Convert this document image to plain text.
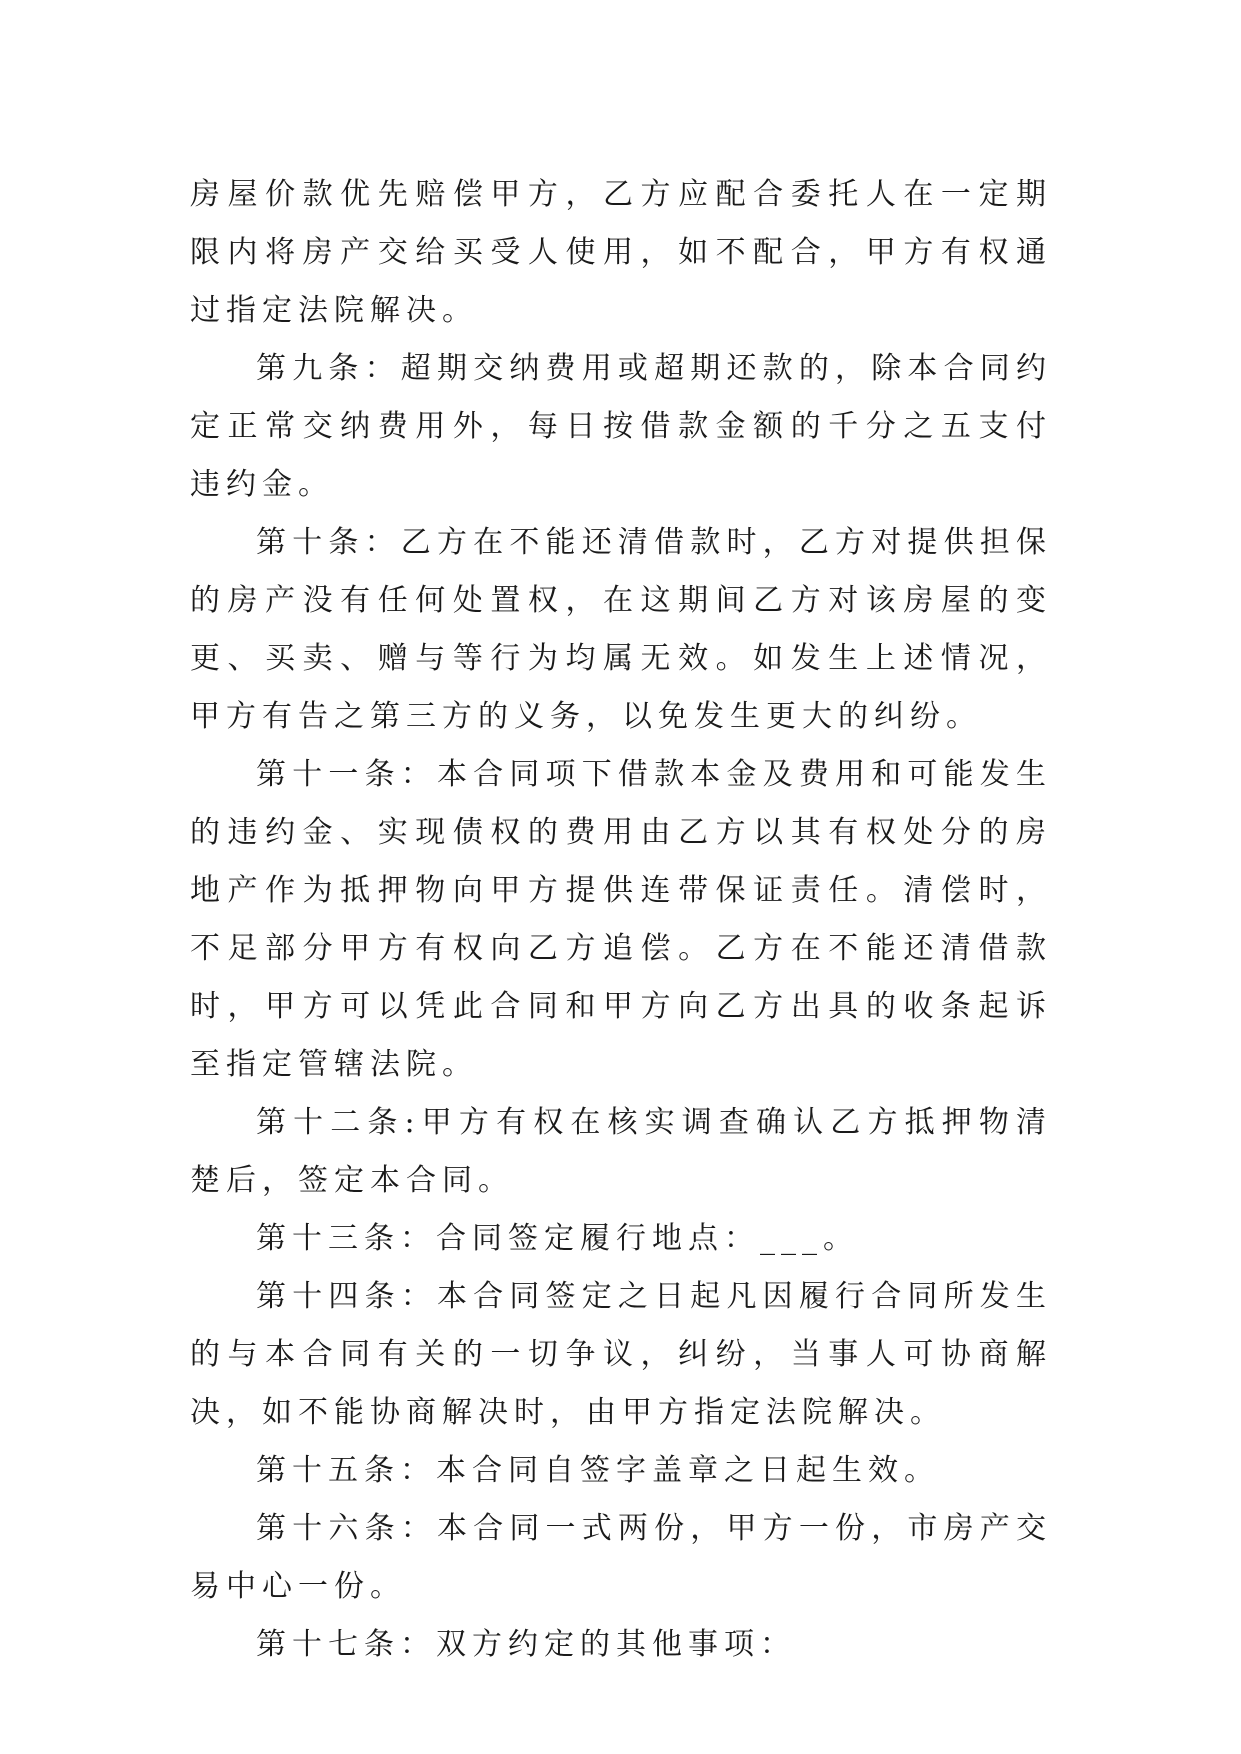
房屋价款优先赔偿甲方，乙方应配合委托人在一定期限内将房产交给买受人使用，如不配合，甲方有权通过指定法院解决。

第九条：超期交纳费用或超期还款的，除本合同约定正常交纳费用外，每日按借款金额的千分之五支付违约金。

第十条：乙方在不能还清借款时，乙方对提供担保的房产没有任何处置权，在这期间乙方对该房屋的变更、买卖、赠与等行为均属无效。如发生上述情况，甲方有告之第三方的义务，以免发生更大的纠纷。

第十一条：本合同项下借款本金及费用和可能发生的违约金、实现债权的费用由乙方以其有权处分的房地产作为抵押物向甲方提供连带保证责任。清偿时，不足部分甲方有权向乙方追偿。乙方在不能还清借款时，甲方可以凭此合同和甲方向乙方出具的收条起诉至指定管辖法院。

第十二条:甲方有权在核实调查确认乙方抵押物清楚后，签定本合同。

第十三条：合同签定履行地点：___。

第十四条：本合同签定之日起凡因履行合同所发生的与本合同有关的一切争议，纠纷，当事人可协商解决，如不能协商解决时，由甲方指定法院解决。

第十五条：本合同自签字盖章之日起生效。

第十六条：本合同一式两份，甲方一份，市房产交易中心一份。

第十七条：双方约定的其他事项：
